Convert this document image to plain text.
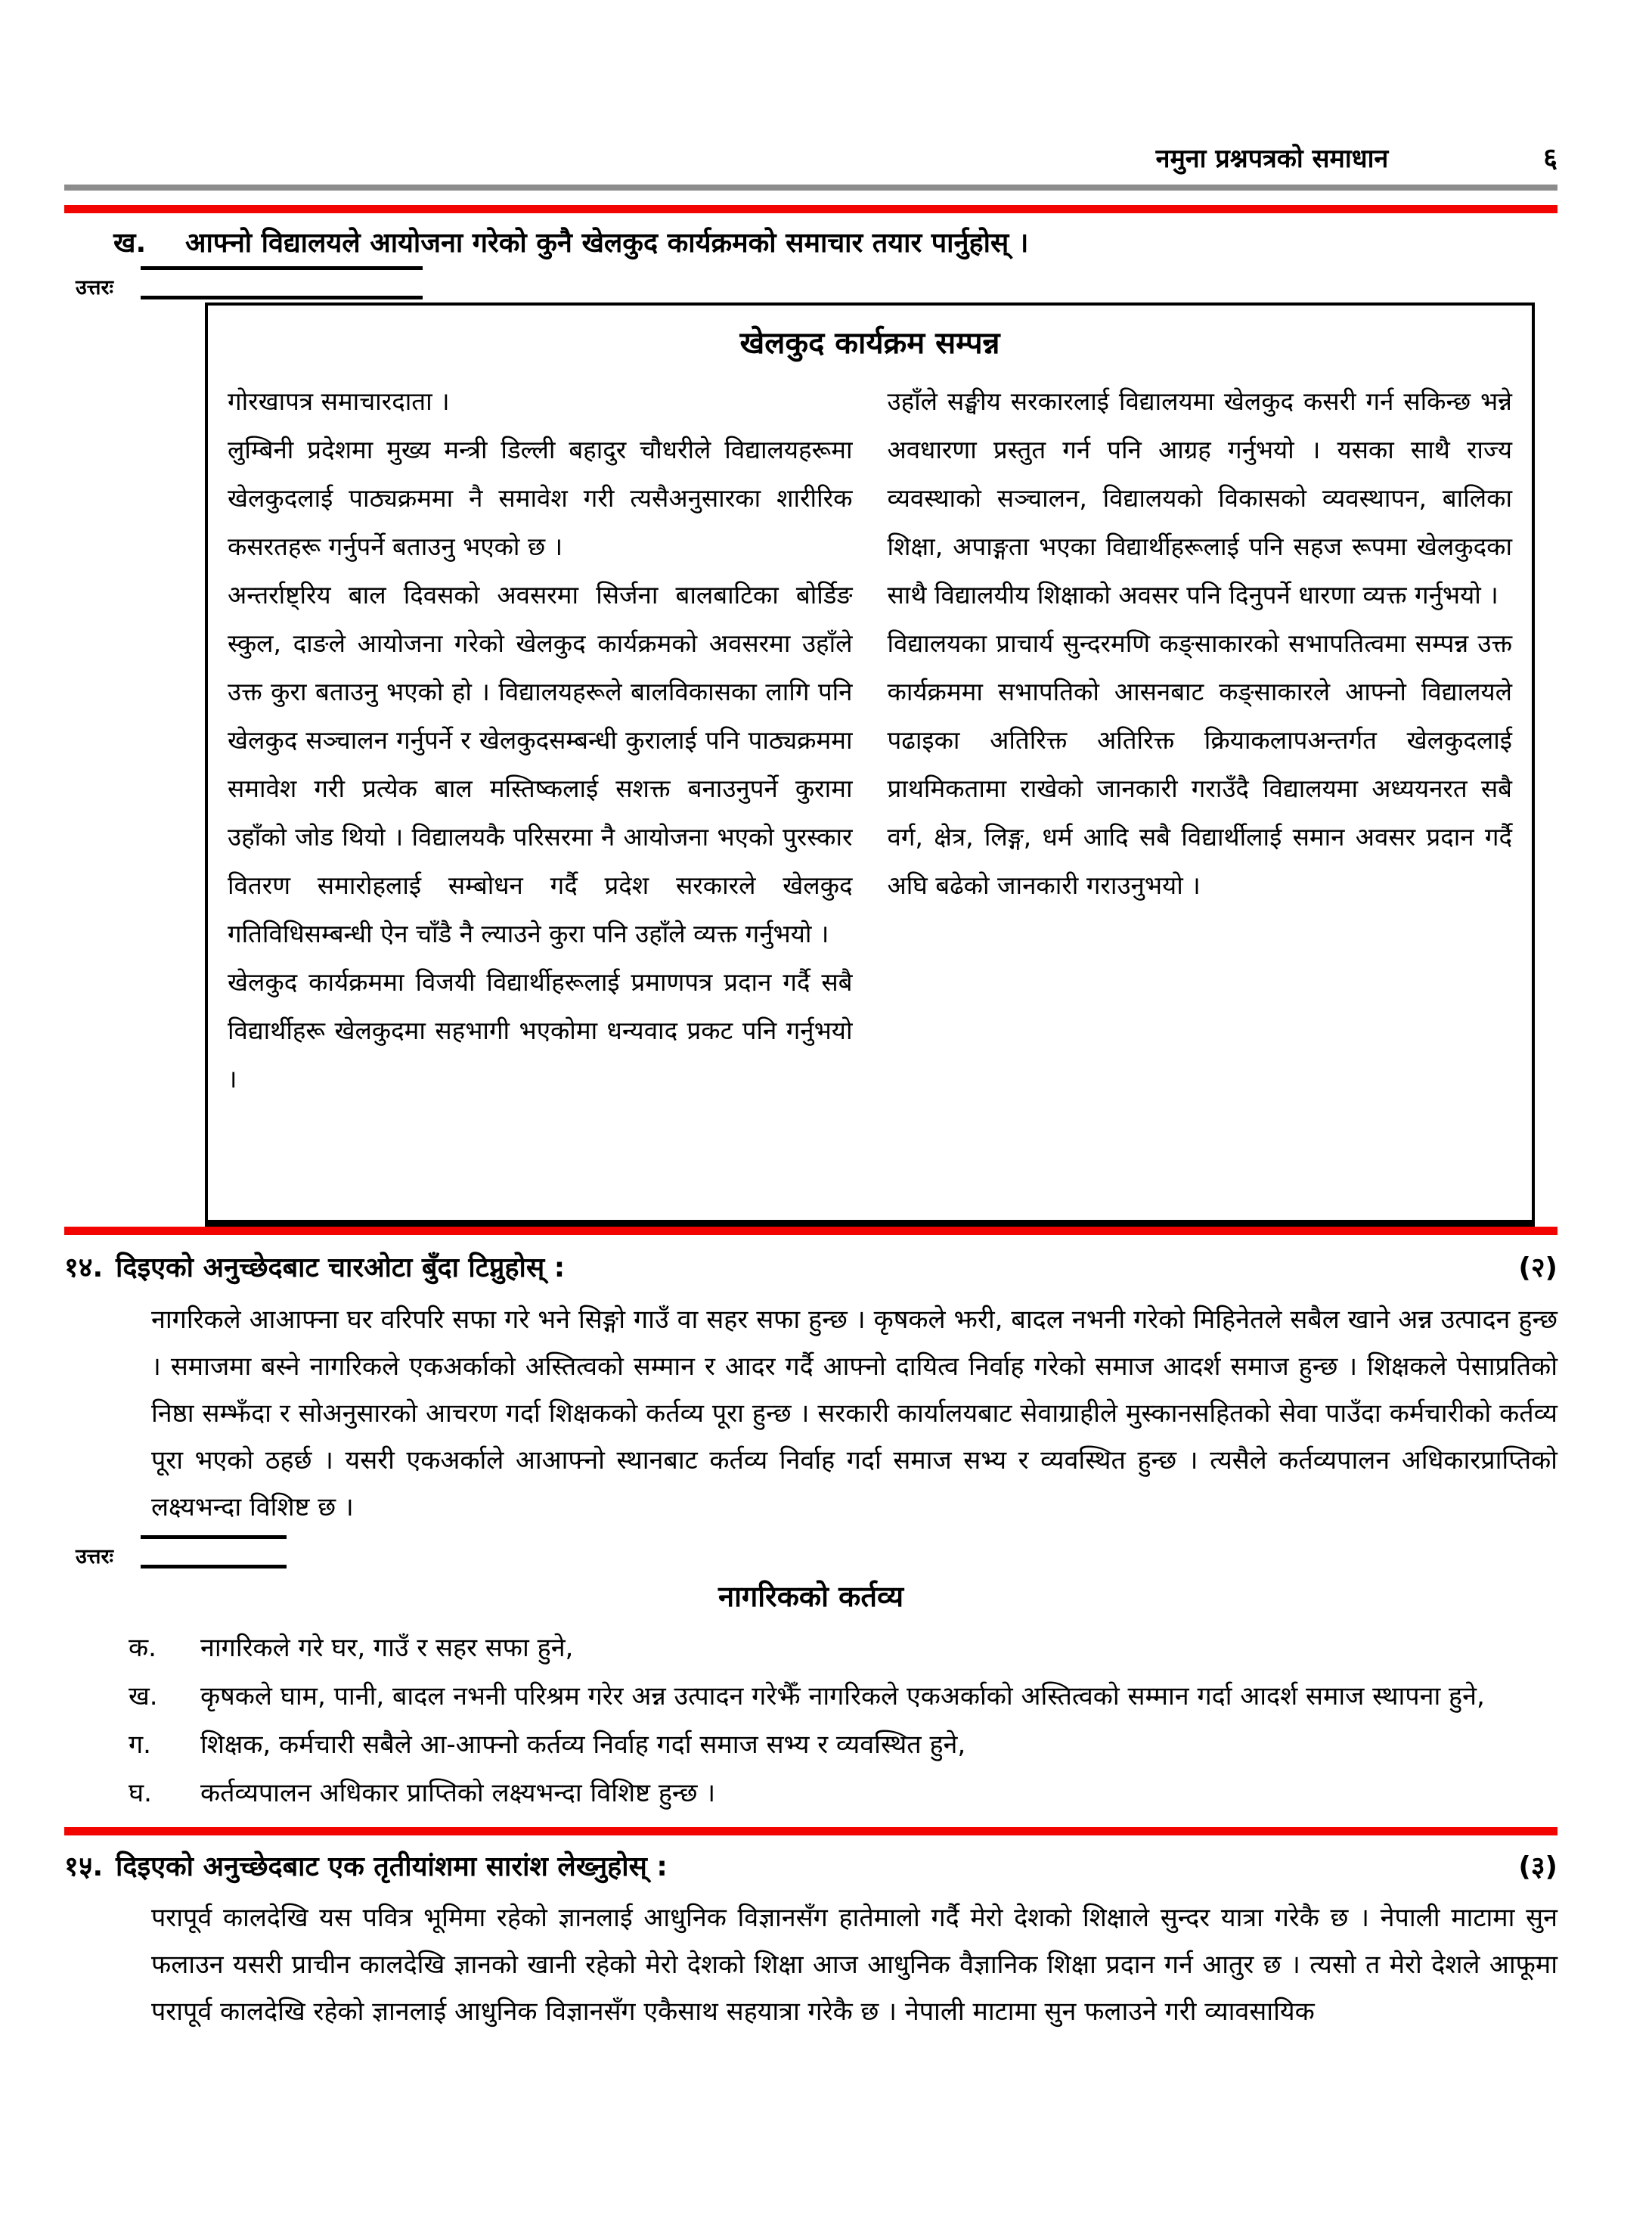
नमुना प्रश्नपत्रको समाधान	६
ख.	आफ्नो विद्यालयले आयोजना गरेको कुनै खेलकुद कार्यक्रमको समाचार तयार पार्नुहोस् ।
उत्तरः
खेलकुद कार्यक्रम सम्पन्न

गोरखापत्र समाचारदाता ।

लुम्बिनी प्रदेशमा मुख्य मन्त्री डिल्ली बहादुर चौधरीले विद्यालयहरूमा खेलकुदलाई पाठ्यक्रममा नै समावेश गरी त्यसैअनुसारका शारीरिक कसरतहरू गर्नुपर्ने बताउनु भएको छ ।

अन्तर्राष्ट्रिय बाल दिवसको अवसरमा सिर्जना बालबाटिका बोर्डिङ स्कुल, दाङले आयोजना गरेको खेलकुद कार्यक्रमको अवसरमा उहाँले उक्त कुरा बताउनु भएको हो । विद्यालयहरूले बालविकासका लागि पनि खेलकुद सञ्चालन गर्नुपर्ने र खेलकुदसम्बन्धी कुरालाई पनि पाठ्यक्रममा समावेश गरी प्रत्येक बाल मस्तिष्कलाई सशक्त बनाउनुपर्ने कुरामा उहाँको जोड थियो । विद्यालयकै परिसरमा नै आयोजना भएको पुरस्कार वितरण समारोहलाई सम्बोधन गर्दै प्रदेश सरकारले खेलकुद गतिविधिसम्बन्धी ऐन चाँडै नै ल्याउने कुरा पनि उहाँले व्यक्त गर्नुभयो ।

खेलकुद कार्यक्रममा विजयी विद्यार्थीहरूलाई प्रमाणपत्र प्रदान गर्दै सबै विद्यार्थीहरू खेलकुदमा सहभागी भएकोमा धन्यवाद प्रकट पनि गर्नुभयो ।

उहाँले सङ्घीय सरकारलाई विद्यालयमा खेलकुद कसरी गर्न सकिन्छ भन्ने अवधारणा प्रस्तुत गर्न पनि आग्रह गर्नुभयो । यसका साथै राज्य व्यवस्थाको सञ्चालन, विद्यालयको विकासको व्यवस्थापन, बालिका शिक्षा, अपाङ्गता भएका विद्यार्थीहरूलाई पनि सहज रूपमा खेलकुदका साथै विद्यालयीय शिक्षाको अवसर पनि दिनुपर्ने धारणा व्यक्त गर्नुभयो ।

विद्यालयका प्राचार्य सुन्दरमणि कङ्साकारको सभापतित्वमा सम्पन्न उक्त कार्यक्रममा सभापतिको आसनबाट कङ्साकारले आफ्नो विद्यालयले पढाइका अतिरिक्त अतिरिक्त क्रियाकलापअन्तर्गत खेलकुदलाई प्राथमिकतामा राखेको जानकारी गराउँदै विद्यालयमा अध्ययनरत सबै वर्ग, क्षेत्र, लिङ्ग, धर्म आदि सबै विद्यार्थीलाई समान अवसर प्रदान गर्दै अघि बढेको जानकारी गराउनुभयो ।

१४. दिइएको अनुच्छेदबाट चारओटा बुँदा टिप्नुहोस् :	(२)
नागरिकले आआफ्ना घर वरिपरि सफा गरे भने सिङ्गो गाउँ वा सहर सफा हुन्छ । कृषकले झरी, बादल नभनी गरेको मिहिनेतले सबैल खाने अन्न उत्पादन हुन्छ । समाजमा बस्ने नागरिकले एकअर्काको अस्तित्वको सम्मान र आदर गर्दै आफ्नो दायित्व निर्वाह गरेको समाज आदर्श समाज हुन्छ । शिक्षकले पेसाप्रतिको निष्ठा सम्झँदा र सोअनुसारको आचरण गर्दा शिक्षकको कर्तव्य पूरा हुन्छ । सरकारी कार्यालयबाट सेवाग्राहीले मुस्कानसहितको सेवा पाउँदा कर्मचारीको कर्तव्य पूरा भएको ठहर्छ । यसरी एकअर्काले आआफ्नो स्थानबाट कर्तव्य निर्वाह गर्दा समाज सभ्य र व्यवस्थित हुन्छ । त्यसैले कर्तव्यपालन अधिकारप्राप्तिको लक्ष्यभन्दा विशिष्ट छ ।
उत्तरः
नागरिकको कर्तव्य
क.	नागरिकले गरे घर, गाउँ र सहर सफा हुने,
ख.	कृषकले घाम, पानी, बादल नभनी परिश्रम गरेर अन्न उत्पादन गरेझैँ नागरिकले एकअर्काको अस्तित्वको सम्मान गर्दा आदर्श समाज स्थापना हुने,
ग.	शिक्षक, कर्मचारी सबैले आ-आफ्नो कर्तव्य निर्वाह गर्दा समाज सभ्य र व्यवस्थित हुने,
घ.	कर्तव्यपालन अधिकार प्राप्तिको लक्ष्यभन्दा विशिष्ट हुन्छ ।
१५. दिइएको अनुच्छेदबाट एक तृतीयांशमा सारांश लेख्नुहोस् :	(३)
परापूर्व कालदेखि यस पवित्र भूमिमा रहेको ज्ञानलाई आधुनिक विज्ञानसँग हातेमालो गर्दै मेरो देशको शिक्षाले सुन्दर यात्रा गरेकै छ । नेपाली माटामा सुन फलाउन यसरी प्राचीन कालदेखि ज्ञानको खानी रहेको मेरो देशको शिक्षा आज आधुनिक वैज्ञानिक शिक्षा प्रदान गर्न आतुर छ । त्यसो त मेरो देशले आफूमा परापूर्व कालदेखि रहेको ज्ञानलाई आधुनिक विज्ञानसँग एकैसाथ सहयात्रा गरेकै छ । नेपाली माटामा सुन फलाउने गरी व्यावसायिक
